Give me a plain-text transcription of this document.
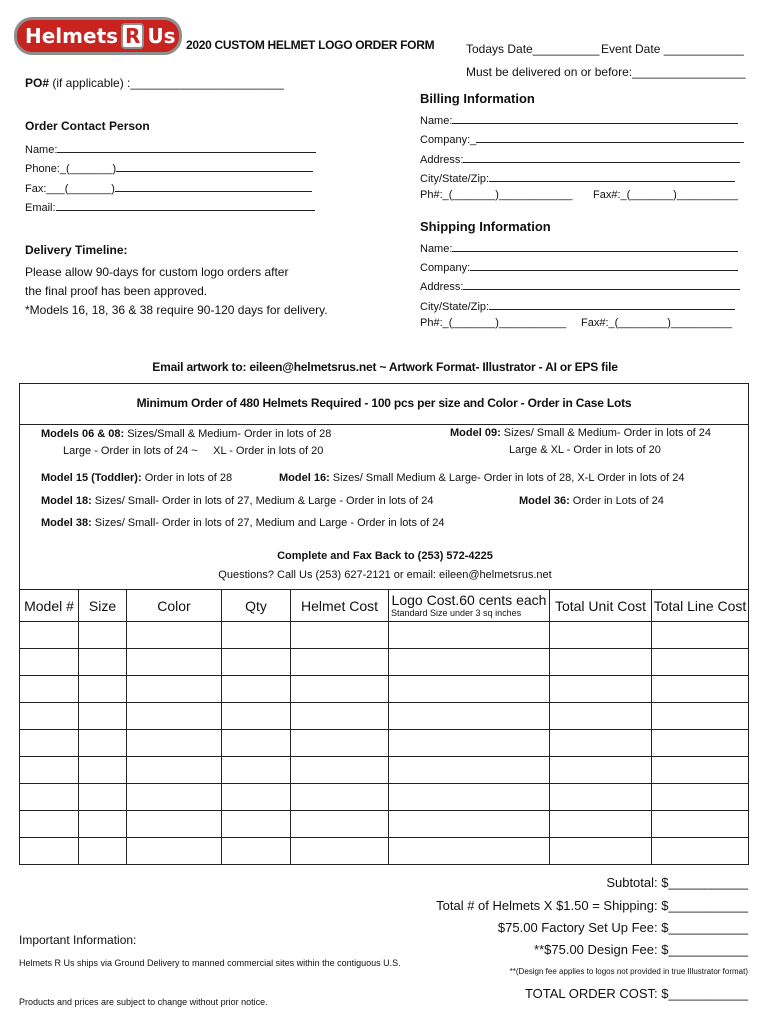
Helmets R Us 2020 CUSTOM HELMET LOGO ORDER FORM	Todays Date__________ Event Date ____________
Must be delivered on or before:_________________
PO# (if applicable) :_______________________
Order Contact Person
Name:
Phone:_(_______)
Fax:___(_______)
Email:
Billing Information
Name:
Company:_
Address:
City/State/Zip:
Ph#:_(_______)____________ Fax#:_(_______)__________
Shipping Information
Name:
Company:
Address:
City/State/Zip:
Ph#:_(_______)___________ Fax#:_(________)__________
Delivery Timeline:
Please allow 90-days for custom logo orders after
the final proof has been approved.
*Models 16, 18, 36 & 38 require 90-120 days for delivery.
Email artwork to: eileen@helmetsrus.net ~ Artwork Format- Illustrator - AI or EPS file
Minimum Order of 480 Helmets Required - 100 pcs per size and Color - Order in Case Lots
Models 06 & 08: Sizes/Small & Medium- Order in lots of 28
Large - Order in lots of 24 ~     XL - Order in lots of 20
Model 09: Sizes/ Small & Medium- Order in lots of 24
Large & XL - Order in lots of 20
Model 15 (Toddler): Order in lots of 28	Model 16: Sizes/ Small Medium & Large- Order in lots of 28, X-L Order in lots of 24
Model 18: Sizes/ Small- Order in lots of 27, Medium & Large - Order in lots of 24	Model 36: Order in Lots of 24
Model 38: Sizes/ Small- Order in lots of 27, Medium and Large - Order in lots of 24
Complete and Fax Back to (253) 572-4225
Questions? Call Us (253) 627-2121 or email: eileen@helmetsrus.net
Model #	Size	Color	Qty	Helmet Cost	Logo Cost.60 cents each
Standard Size under 3 sq inches	Total Unit Cost	Total Line Cost

Subtotal: $___________
Total # of Helmets X $1.50 = Shipping: $___________
$75.00 Factory Set Up Fee: $___________
**$75.00 Design Fee: $___________
**(Design fee applies to logos not provided in true Illustrator format)
TOTAL ORDER COST: $___________
Important Information:
Helmets R Us ships via Ground Delivery to manned commercial sites within the contiguous U.S.
Products and prices are subject to change without prior notice.
